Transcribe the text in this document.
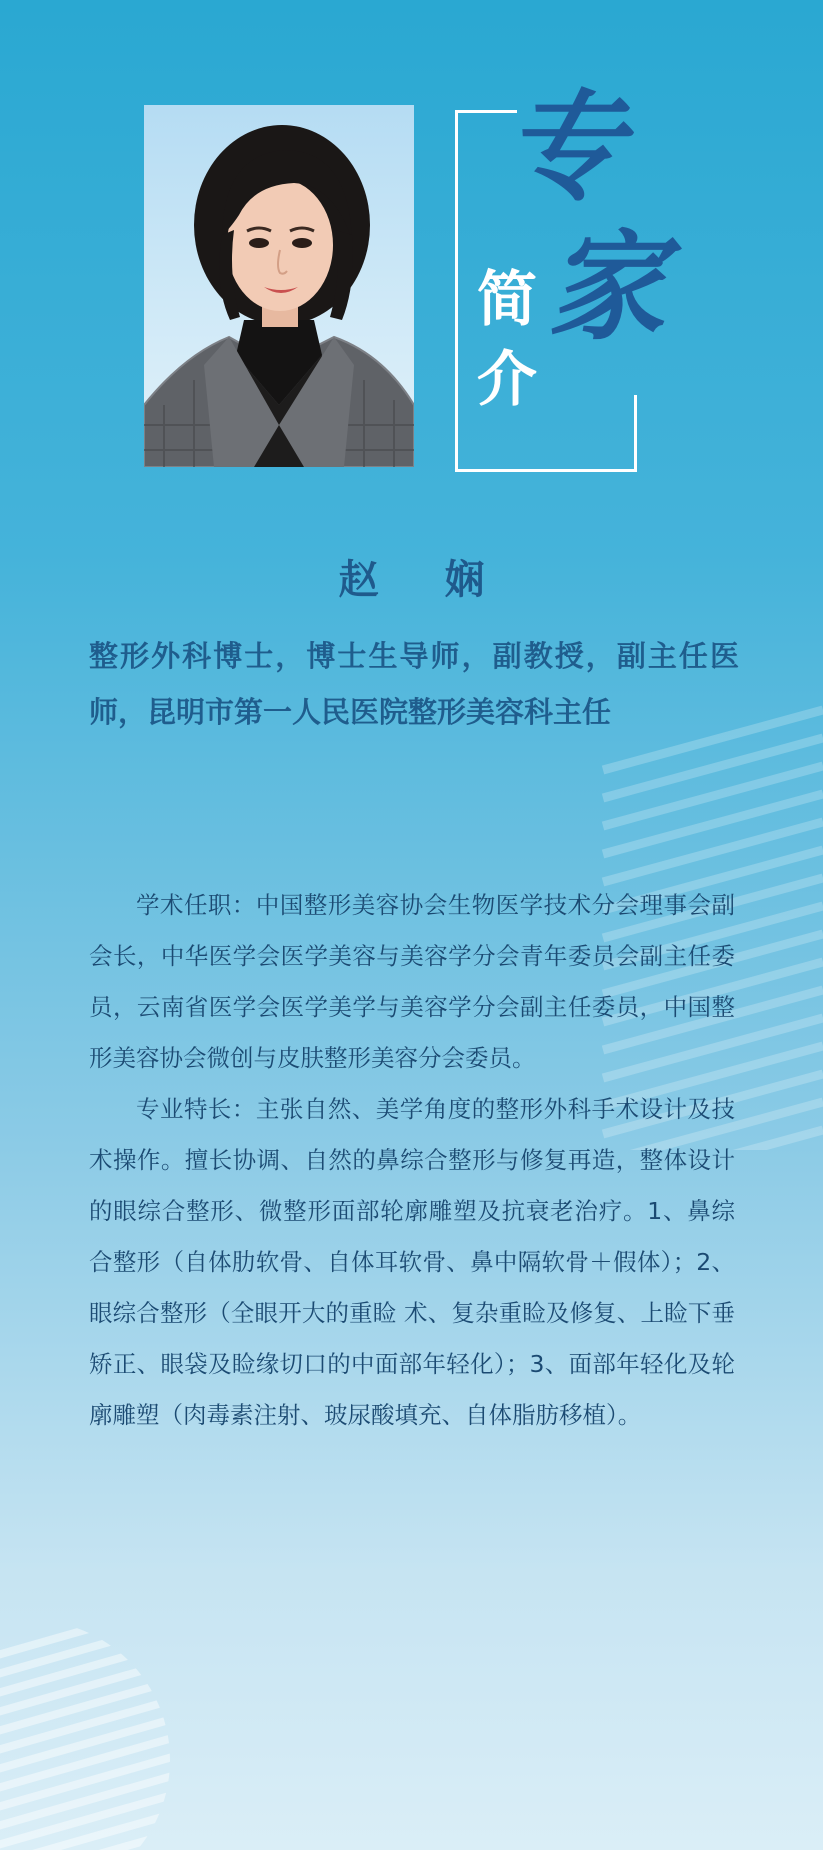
专
家
简
介
赵 娴
整形外科博士，博士生导师，副教授，副主任医师，昆明市第一人民医院整形美容科主任

学术任职：中国整形美容协会生物医学技术分会理事会副会长，中华医学会医学美容与美容学分会青年委员会副主任委员，云南省医学会医学美学与美容学分会副主任委员，中国整形美容协会微创与皮肤整形美容分会委员。

专业特长：主张自然、美学角度的整形外科手术设计及技术操作。擅长协调、自然的鼻综合整形与修复再造，整体设计的眼综合整形、微整形面部轮廓雕塑及抗衰老治疗。1、鼻综合整形（自体肋软骨、自体耳软骨、鼻中隔软骨＋假体）；2、眼综合整形（全眼开大的重睑 术、复杂重睑及修复、上睑下垂矫正、眼袋及睑缘切口的中面部年轻化）；3、面部年轻化及轮廓雕塑（肉毒素注射、玻尿酸填充、自体脂肪移植）。
